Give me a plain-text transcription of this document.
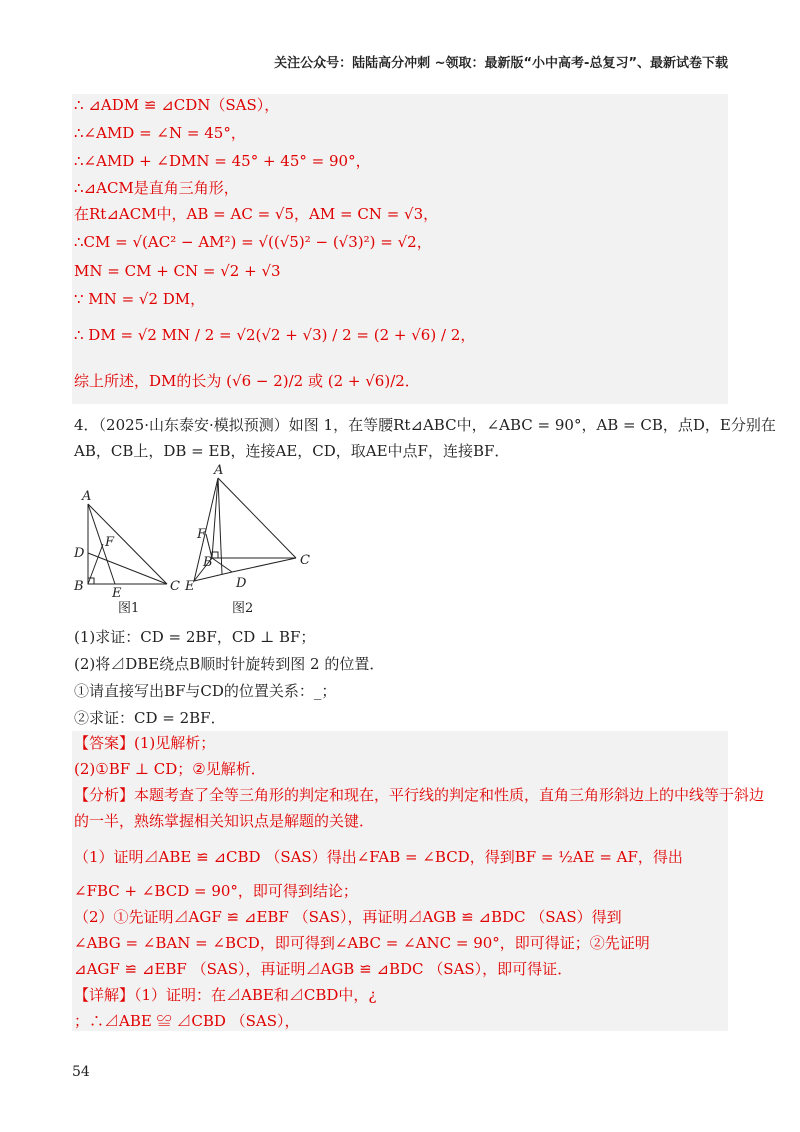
关注公众号：陆陆高分冲刺 ~领取：最新版“小中高考-总复习”、最新试卷下载
∴ ⊿ADM ≌ ⊿CDN（SAS），
∴∠AMD = ∠N = 45°，
∴∠AMD + ∠DMN = 45° + 45° = 90°，
∴⊿ACM是直角三角形，
在Rt⊿ACM中，AB = AC = √5，AM = CN = √3，
∴CM = √(AC² − AM²) = √((√5)² − (√3)²) = √2，
MN = CM + CN = √2 + √3
∵ MN = √2 DM，
∴ DM = √2 MN / 2 = √2(√2 + √3) / 2 = (2 + √6) / 2，
综上所述，DM的长为 (√6 − 2)/2 或 (2 + √6)/2．
4．（2025·山东泰安·模拟预测）如图 1，在等腰Rt⊿ABC中，∠ABC = 90°，AB = CB，点D，E分别在
AB，CB上，DB = EB，连接AE，CD，取AE中点F，连接BF．
A
D
F
B E	C
图1
A
F
B	C
E	D
图2
(1)求证：CD = 2BF，CD ⊥ BF；
(2)将⊿DBE绕点B顺时针旋转到图 2 的位置．
①请直接写出BF与CD的位置关系：_；
②求证：CD = 2BF．
【答案】(1)见解析；
(2)①BF ⊥ CD；②见解析．
【分析】本题考查了全等三角形的判定和现在，平行线的判定和性质，直角三角形斜边上的中线等于斜边
的一半，熟练掌握相关知识点是解题的关键．
（1）证明⊿ABE ≌ ⊿CBD （SAS）得出∠FAB = ∠BCD，得到BF = ½AE = AF，得出
∠FBC + ∠BCD = 90°，即可得到结论；
（2）①先证明⊿AGF ≌ ⊿EBF （SAS），再证明⊿AGB ≌ ⊿BDC （SAS）得到
∠ABG = ∠BAN = ∠BCD，即可得到∠ABC = ∠ANC = 90°，即可得证；②先证明
⊿AGF ≌ ⊿EBF （SAS），再证明⊿AGB ≌ ⊿BDC （SAS），即可得证．
【详解】（1）证明：在⊿ABE和⊿CBD中，¿
；∴⊿ABE ≌ ⊿CBD （SAS），
54
